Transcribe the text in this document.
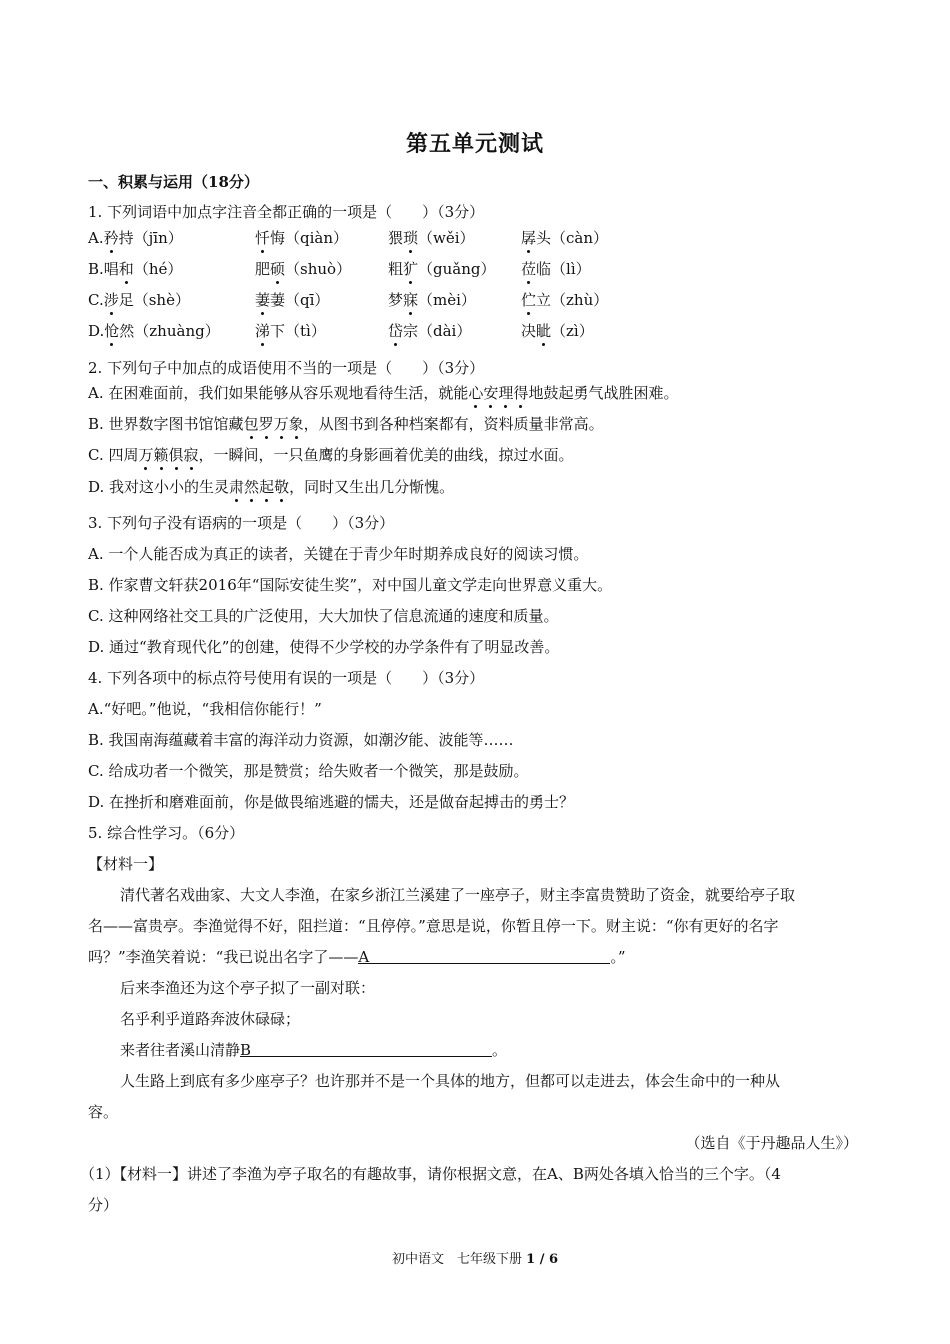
第五单元测试
一、积累与运用（18分）
1. 下列词语中加点字注音全都正确的一项是（　　）（3分）
A.矜持（jīn）	忏悔（qiàn）	猥琐（wěi）	孱头（càn）
B.唱和（hé）	肥硕（shuò） 粗犷（guǎng） 莅临（lì）
C.涉足（shè）	萋萋（qī）	梦寐（mèi）	伫立（zhù）
D.怆然（zhuàng） 涕下（tì）	岱宗（dài）	决眦（zì）
2. 下列句子中加点的成语使用不当的一项是（　　）（3分）
A. 在困难面前，我们如果能够从容乐观地看待生活，就能心安理得地鼓起勇气战胜困难。
B. 世界数字图书馆馆藏包罗万象，从图书到各种档案都有，资料质量非常高。
C. 四周万籁俱寂，一瞬间，一只鱼鹰的身影画着优美的曲线，掠过水面。
D. 我对这小小的生灵肃然起敬，同时又生出几分惭愧。
3. 下列句子没有语病的一项是（　　）（3分）
A. 一个人能否成为真正的读者，关键在于青少年时期养成良好的阅读习惯。
B. 作家曹文轩获2016年“国际安徒生奖”，对中国儿童文学走向世界意义重大。
C. 这种网络社交工具的广泛使用，大大加快了信息流通的速度和质量。
D. 通过“教育现代化”的创建，使得不少学校的办学条件有了明显改善。
4. 下列各项中的标点符号使用有误的一项是（　　）（3分）
A.“好吧。”他说，“我相信你能行！”
B. 我国南海蕴藏着丰富的海洋动力资源，如潮汐能、波能等……
C. 给成功者一个微笑，那是赞赏；给失败者一个微笑，那是鼓励。
D. 在挫折和磨难面前，你是做畏缩逃避的懦夫，还是做奋起搏击的勇士？
5. 综合性学习。（6分）
【材料一】
清代著名戏曲家、大文人李渔，在家乡浙江兰溪建了一座亭子，财主李富贵赞助了资金，就要给亭子取
名——富贵亭。李渔觉得不好，阻拦道：“且停停。”意思是说，你暂且停一下。财主说：“你有更好的名字
吗？”李渔笑着说：“我已说出名字了——A	。”
后来李渔还为这个亭子拟了一副对联：
名乎利乎道路奔波休碌碌；
来者往者溪山清静B	。
人生路上到底有多少座亭子？也许那并不是一个具体的地方，但都可以走进去，体会生命中的一种从
容。
（选自《于丹趣品人生》）
（1）【材料一】讲述了李渔为亭子取名的有趣故事，请你根据文意，在A、B两处各填入恰当的三个字。（4
分）
初中语文　七年级下册 1 / 6
